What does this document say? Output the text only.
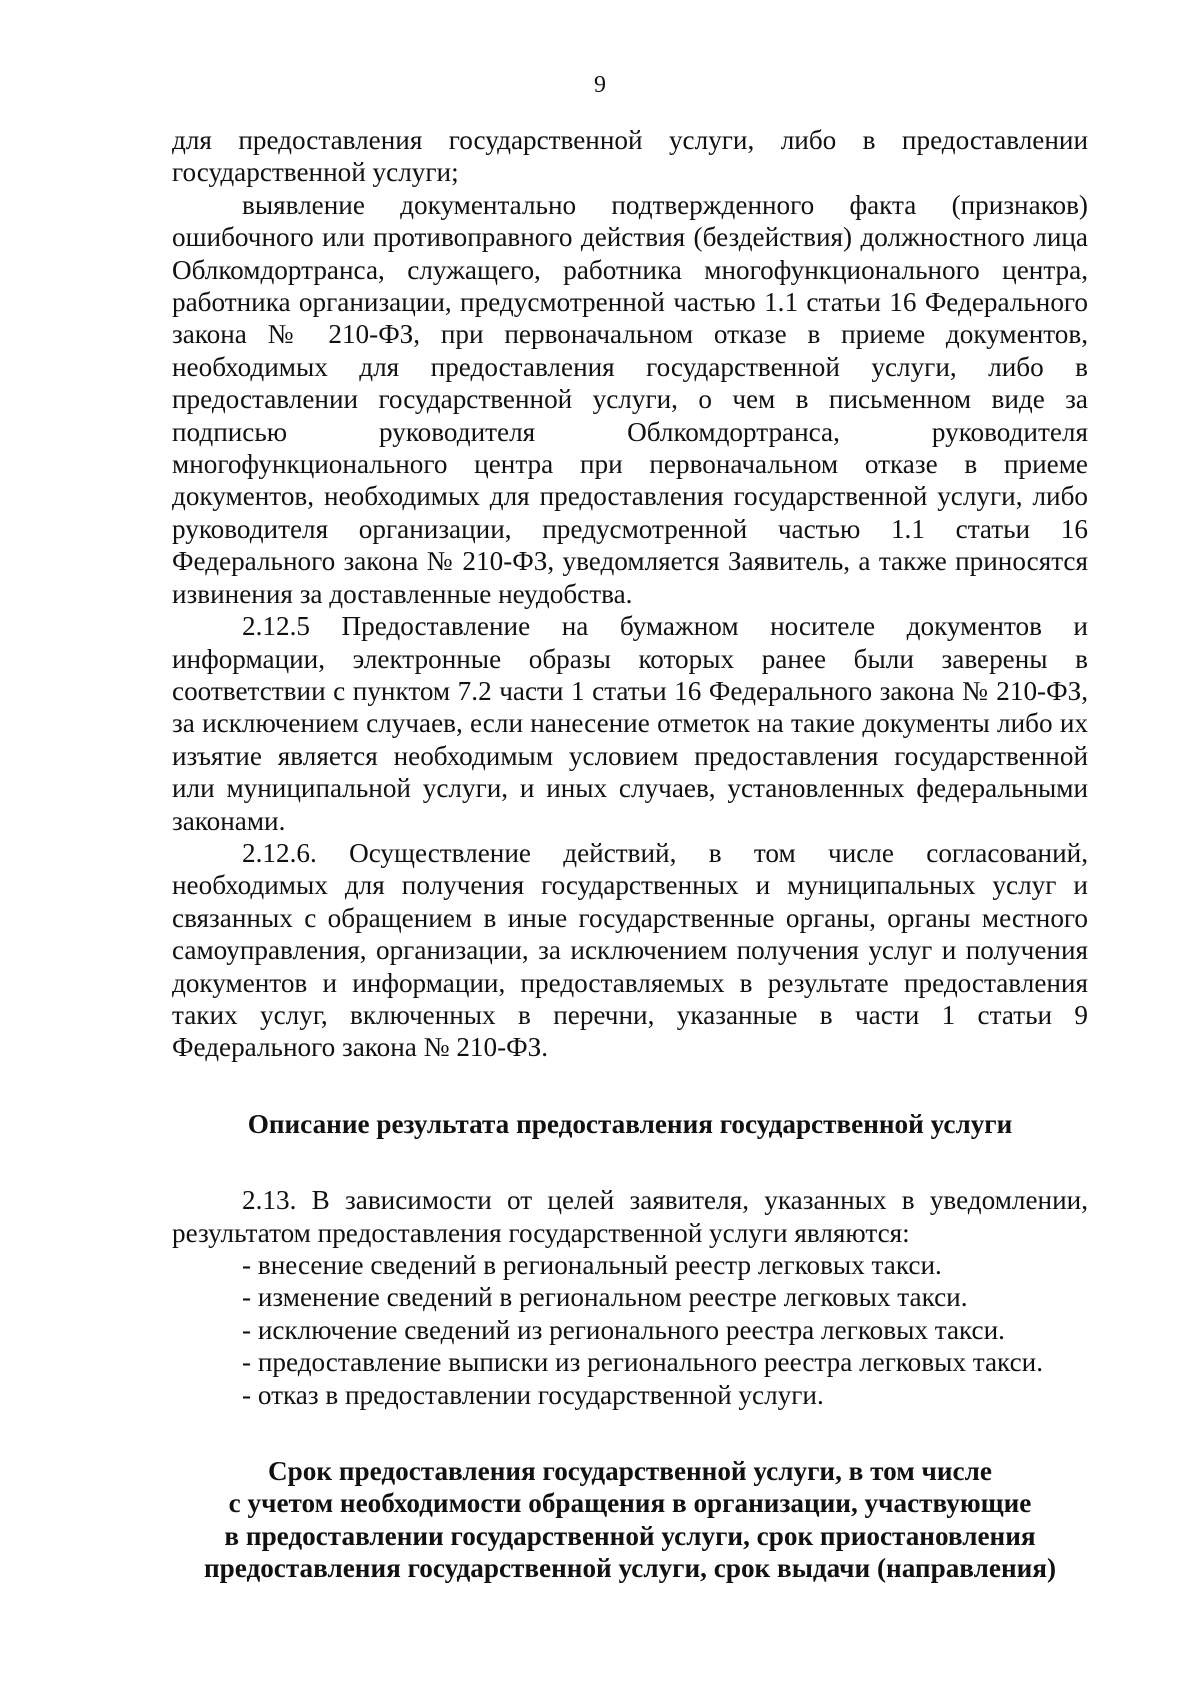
9

для предоставления государственной услуги, либо в предоставлении государственной услуги;

выявление документально подтвержденного факта (признаков) ошибочного или противоправного действия (бездействия) должностного лица Облкомдортранса, служащего, работника многофункционального центра, работника организации, предусмотренной частью 1.1 статьи 16 Федерального закона № 210-ФЗ, при первоначальном отказе в приеме документов, необходимых для предоставления государственной услуги, либо в предоставлении государственной услуги, о чем в письменном виде за подписью руководителя Облкомдортранса, руководителя многофункционального центра при первоначальном отказе в приеме документов, необходимых для предоставления государственной услуги, либо руководителя организации, предусмотренной частью 1.1 статьи 16 Федерального закона № 210-ФЗ, уведомляется Заявитель, а также приносятся извинения за доставленные неудобства.

2.12.5 Предоставление на бумажном носителе документов и информации, электронные образы которых ранее были заверены в соответствии с пунктом 7.2 части 1 статьи 16 Федерального закона № 210-ФЗ, за исключением случаев, если нанесение отметок на такие документы либо их изъятие является необходимым условием предоставления государственной или муниципальной услуги, и иных случаев, установленных федеральными законами.

2.12.6. Осуществление действий, в том числе согласований, необходимых для получения государственных и муниципальных услуг и связанных с обращением в иные государственные органы, органы местного самоуправления, организации, за исключением получения услуг и получения документов и информации, предоставляемых в результате предоставления таких услуг, включенных в перечни, указанные в части 1 статьи 9 Федерального закона № 210-ФЗ.

Описание результата предоставления государственной услуги

2.13. В зависимости от целей заявителя, указанных в уведомлении, результатом предоставления государственной услуги являются:

- внесение сведений в региональный реестр легковых такси.

- изменение сведений в региональном реестре легковых такси.

- исключение сведений из регионального реестра легковых такси.

- предоставление выписки из регионального реестра легковых такси.

- отказ в предоставлении государственной услуги.

Срок предоставления государственной услуги, в том числе
с учетом необходимости обращения в организации, участвующие
в предоставлении государственной услуги, срок приостановления
предоставления государственной услуги, срок выдачи (направления)
